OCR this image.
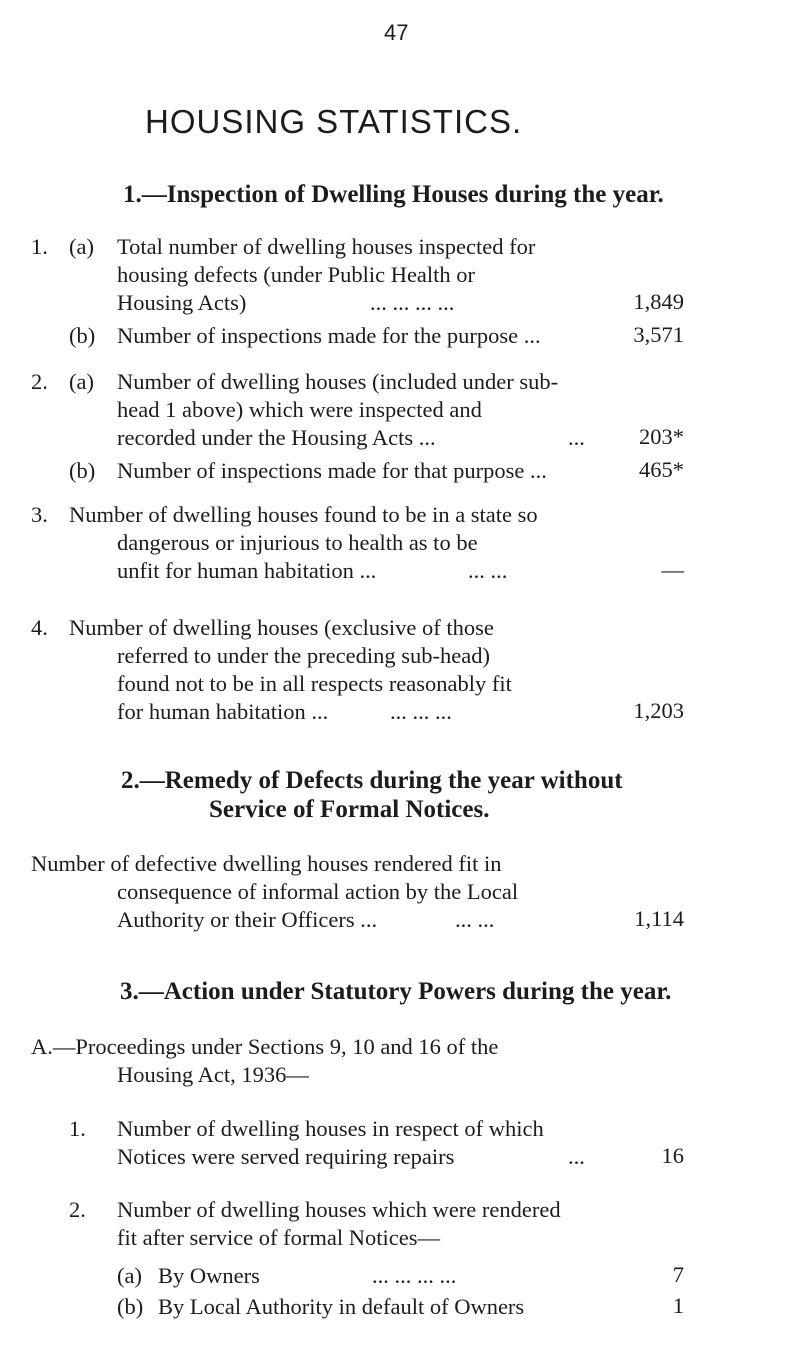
47
HOUSING STATISTICS.
1.—Inspection of Dwelling Houses during the year.
1. (a) Total number of dwelling houses inspected for
housing defects (under Public Health or
Housing Acts)	... ... ... ...	1,849
(b) Number of inspections made for the purpose ...	3,571
2. (a) Number of dwelling houses (included under sub-
head 1 above) which were inspected and
recorded under the Housing Acts ...	... 203*
(b) Number of inspections made for that purpose ...	465*
3. Number of dwelling houses found to be in a state so
dangerous or injurious to health as to be
unfit for human habitation ...	... ...	—
4. Number of dwelling houses (exclusive of those
referred to under the preceding sub-head)
found not to be in all respects reasonably fit
for human habitation ...	... ... ...	1,203
2.—Remedy of Defects during the year without
Service of Formal Notices.
Number of defective dwelling houses rendered fit in
consequence of informal action by the Local
Authority or their Officers ...	... ...	1,114
3.—Action under Statutory Powers during the year.
A.—Proceedings under Sections 9, 10 and 16 of the
Housing Act, 1936—
1. Number of dwelling houses in respect of which
Notices were served requiring repairs	...	16
2. Number of dwelling houses which were rendered
fit after service of formal Notices—
(a) By Owners	... ... ... ...	7
(b) By Local Authority in default of Owners	1
